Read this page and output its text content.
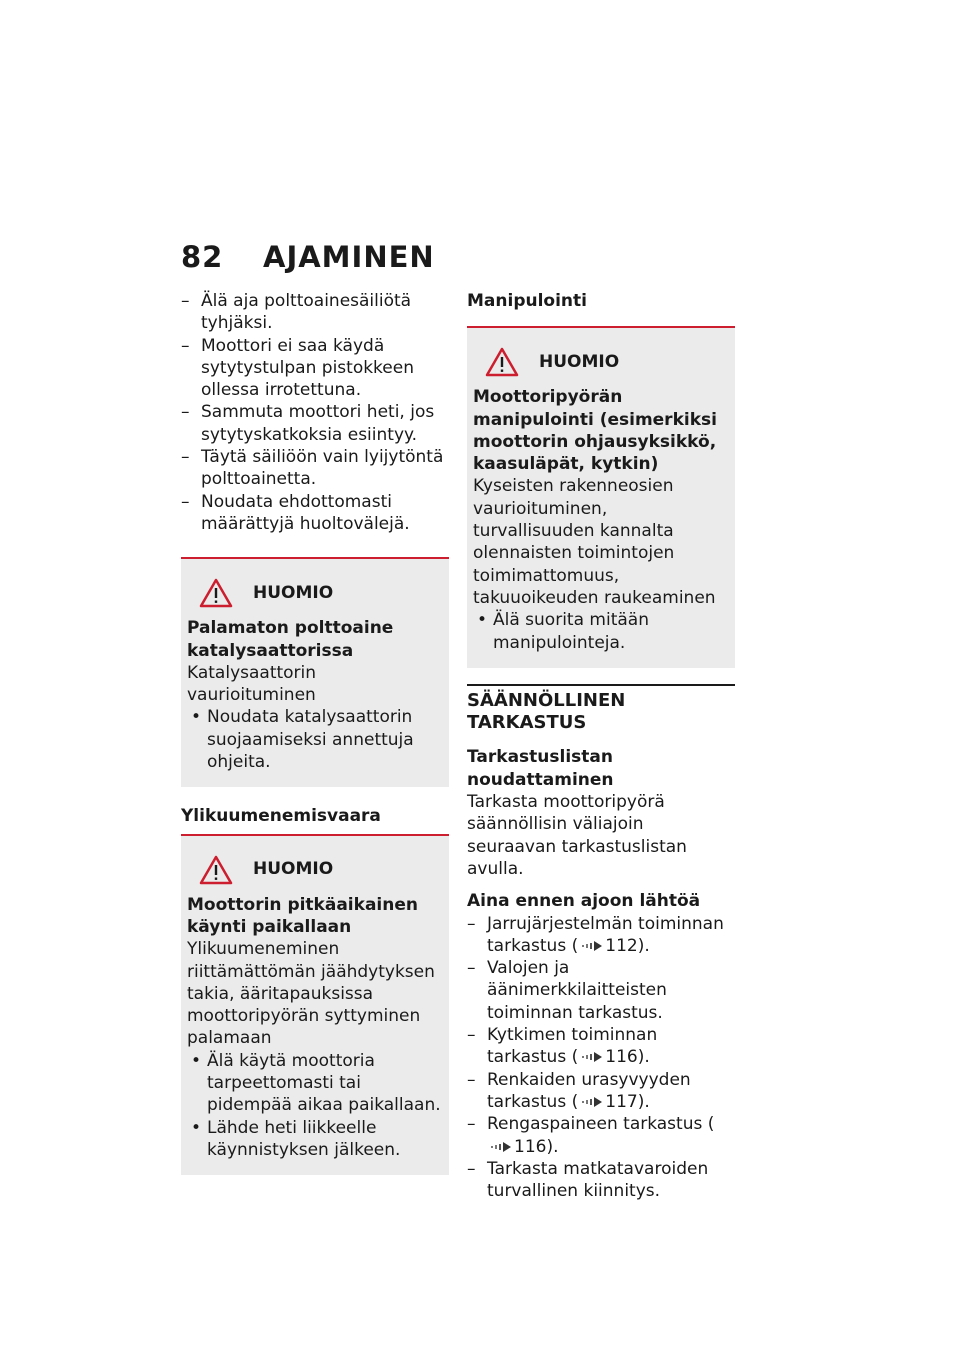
82 AJAMINEN
– Älä aja polttoainesäiliötä tyhjäksi.
– Moottori ei saa käydä sytytystulpan pistokkeen ollessa irrotettuna.
– Sammuta moottori heti, jos sytytyskatkoksia esiintyy.
– Täytä säiliöön vain lyijytöntä polttoainetta.
– Noudata ehdottomasti määrättyjä huoltovälejä.
HUOMIO
Palamaton polttoaine katalysaattorissa
Katalysaattorin vaurioituminen
• Noudata katalysaattorin suojaamiseksi annettuja ohjeita.
Ylikuumenemisvaara
HUOMIO
Moottorin pitkäaikainen käynti paikallaan
Ylikuumeneminen riittämättömän jäähdytyksen takia, ääritapauksissa moottoripyörän syttyminen palamaan
• Älä käytä moottoria tarpeettomasti tai pidempää aikaa paikallaan.
• Lähde heti liikkeelle käynnistyksen jälkeen.
Manipulointi
HUOMIO
Moottoripyörän manipulointi (esimerkiksi moottorin ohjausyksikkö, kaasuläpät, kytkin)
Kyseisten rakenneosien vaurioituminen, turvallisuuden kannalta olennaisten toimintojen toimimattomuus, takuuoikeuden raukeaminen
• Älä suorita mitään manipulointeja.
SÄÄNNÖLLINEN TARKASTUS
Tarkastuslistan noudattaminen
Tarkasta moottoripyörä säännöllisin väliajoin seuraavan tarkastuslistan avulla.
Aina ennen ajoon lähtöä
– Jarrujärjestelmän toiminnan tarkastus ( 112).
– Valojen ja äänimerkkilaitteisten toiminnan tarkastus.
– Kytkimen toiminnan tarkastus ( 116).
– Renkaiden urasyvyyden tarkastus ( 117).
– Rengaspaineen tarkastus (
116).
– Tarkasta matkatavaroiden turvallinen kiinnitys.
